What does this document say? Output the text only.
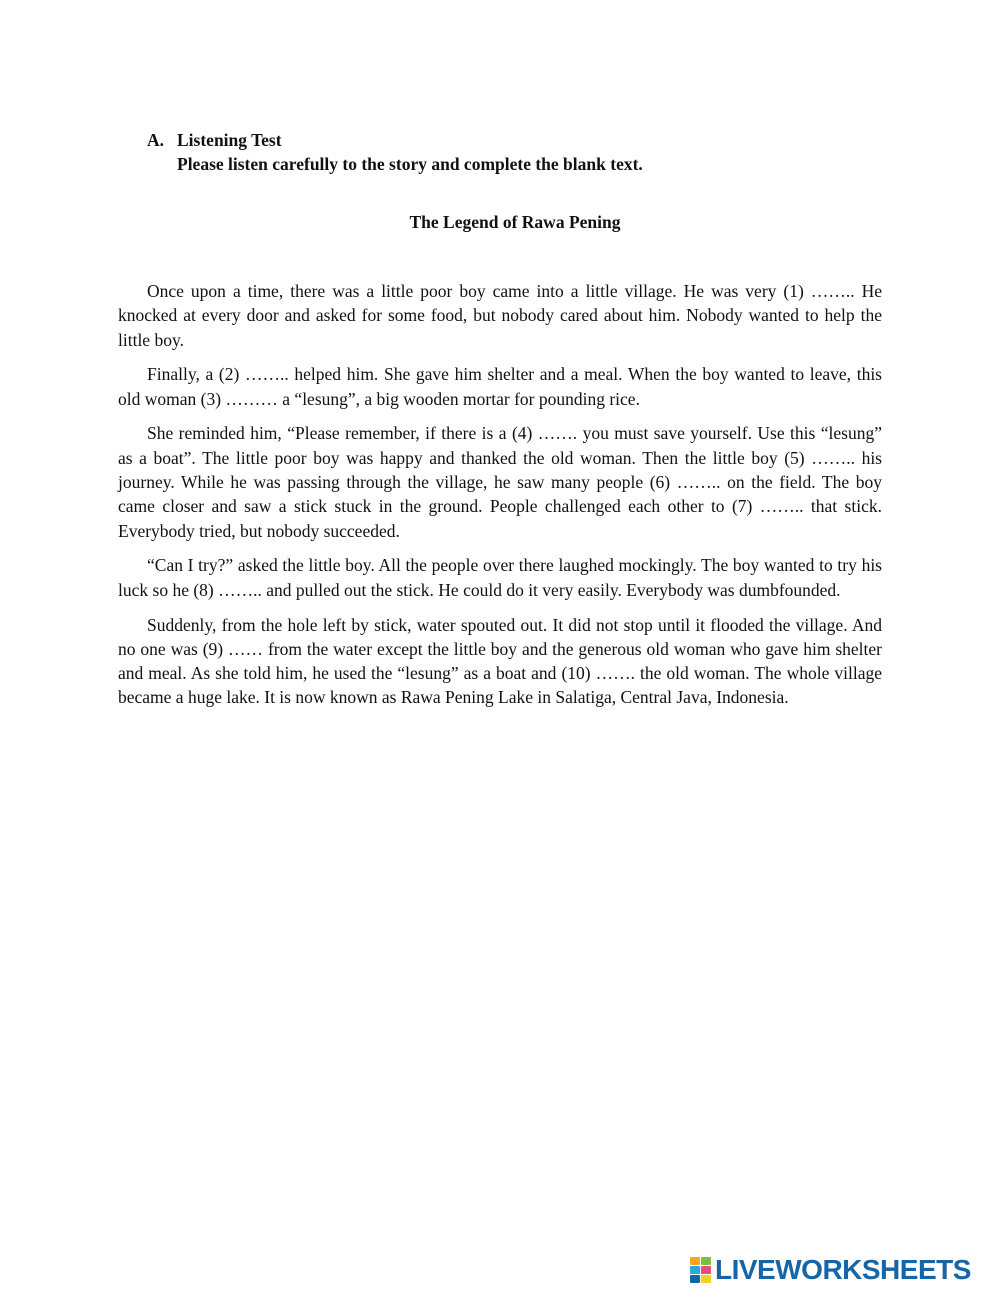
A. Listening Test
Please listen carefully to the story and complete the blank text.
The Legend of Rawa Pening

Once upon a time, there was a little poor boy came into a little village. He was very (1) …….. He knocked at every door and asked for some food, but nobody cared about him. Nobody wanted to help the little boy.

Finally, a (2) …….. helped him. She gave him shelter and a meal. When the boy wanted to leave, this old woman (3) ……… a “lesung”, a big wooden mortar for pounding rice.

She reminded him, “Please remember, if there is a (4) ……. you must save yourself. Use this “lesung” as a boat”. The little poor boy was happy and thanked the old woman. Then the little boy (5) …….. his journey. While he was passing through the village, he saw many people (6) …….. on the field. The boy came closer and saw a stick stuck in the ground. People challenged each other to (7) …….. that stick. Everybody tried, but nobody succeeded.

“Can I try?” asked the little boy. All the people over there laughed mockingly. The boy wanted to try his luck so he (8) …….. and pulled out the stick. He could do it very easily. Everybody was dumbfounded.

Suddenly, from the hole left by stick, water spouted out. It did not stop until it flooded the village. And no one was (9) …… from the water except the little boy and the generous old woman who gave him shelter and meal. As she told him, he used the “lesung” as a boat and (10) ……. the old woman. The whole village became a huge lake. It is now known as Rawa Pening Lake in Salatiga, Central Java, Indonesia.

LIVEWORKSHEETS
